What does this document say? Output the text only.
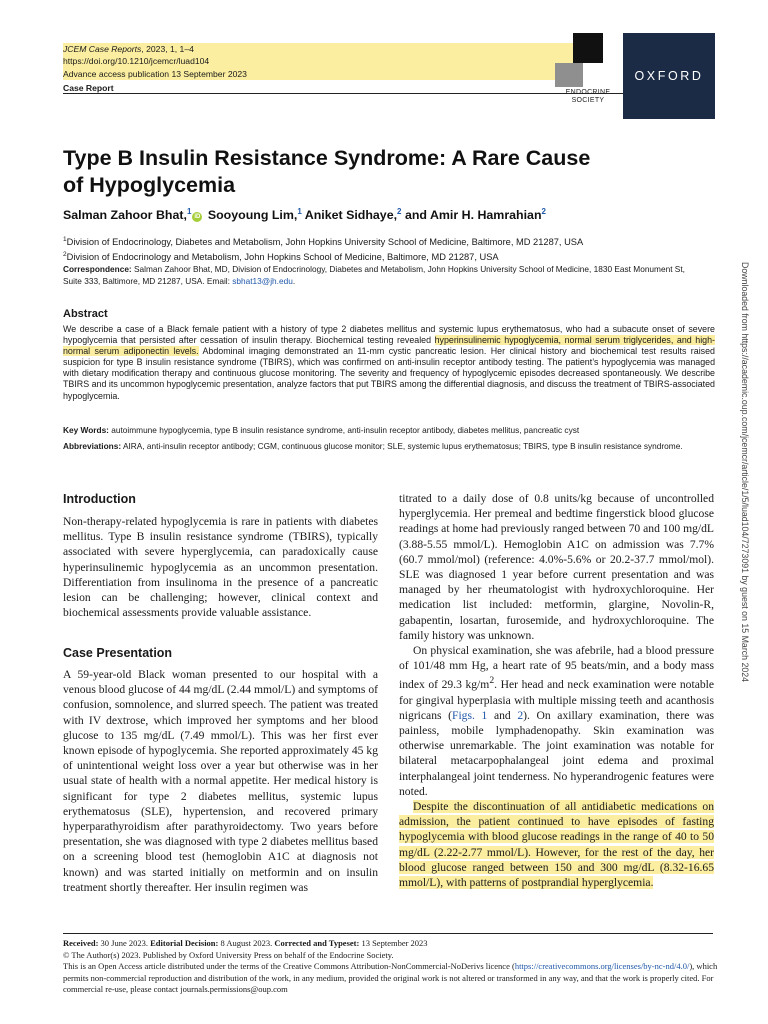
JCEM Case Reports, 2023, 1, 1–4
https://doi.org/10.1210/jcemcr/luad104
Advance access publication 13 September 2023
Case Report	ENDOCRINE SOCIETY
OXFORD
Type B Insulin Resistance Syndrome: A Rare Cause
of Hypoglycemia
Salman Zahoor Bhat,$^1$iD Sooyoung Lim,$^1$ Aniket Sidhaye,$^2$ and Amir H. Hamrahian$^2$
$^1$Division of Endocrinology, Diabetes and Metabolism, John Hopkins University School of Medicine, Baltimore, MD 21287, USA
$^2$Division of Endocrinology and Metabolism, John Hopkins School of Medicine, Baltimore, MD 21287, USA
Correspondence: Salman Zahoor Bhat, MD, Division of Endocrinology, Diabetes and Metabolism, John Hopkins University School of Medicine, 1830 East Monument St, Suite 333, Baltimore, MD 21287, USA. Email: sbhat13@jh.edu.
Abstract
We describe a case of a Black female patient with a history of type 2 diabetes mellitus and systemic lupus erythematosus, who had a subacute onset of severe hypoglycemia that persisted after cessation of insulin therapy. Biochemical testing revealed hyperinsulinemic hypoglycemia, normal serum triglycerides, and high-normal serum adiponectin levels. Abdominal imaging demonstrated an 11-mm cystic pancreatic lesion. Her clinical history and biochemical test results raised suspicion for type B insulin resistance syndrome (TBIRS), which was confirmed on anti-insulin receptor antibody testing. The patient’s hypoglycemia was managed with dietary modification therapy and continuous glucose monitoring. The severity and frequency of hypoglycemic episodes decreased spontaneously. We describe TBIRS and its uncommon hypoglycemic presentation, analyze factors that put TBIRS among the differential diagnosis, and discuss the treatment of TBIRS-associated hypoglycemia.
Key Words: autoimmune hypoglycemia, type B insulin resistance syndrome, anti-insulin receptor antibody, diabetes mellitus, pancreatic cyst
Abbreviations: AIRA, anti-insulin receptor antibody; CGM, continuous glucose monitor; SLE, systemic lupus erythematosus; TBIRS, type B insulin resistance syndrome.
Introduction

Non-therapy-related hypoglycemia is rare in patients with diabetes mellitus. Type B insulin resistance syndrome (TBIRS), typically associated with severe hyperglycemia, can paradoxically cause hyperinsulinemic hypoglycemia as an uncommon presentation. Differentiation from insulinoma in the presence of a pancreatic lesion can be challenging; however, clinical context and biochemical assessments provide valuable assistance.

Case Presentation

A 59-year-old Black woman presented to our hospital with a venous blood glucose of 44 mg/dL (2.44 mmol/L) and symptoms of confusion, somnolence, and slurred speech. The patient was treated with IV dextrose, which improved her symptoms and her blood glucose to 135 mg/dL (7.49 mmol/L). This was her first ever known episode of hypoglycemia. She reported approximately 45 kg of unintentional weight loss over a year but otherwise was in her usual state of health with a normal appetite. Her medical history is significant for type 2 diabetes mellitus, systemic lupus erythematosus (SLE), hypertension, and recovered primary hyperparathyroidism after parathyroidectomy. Two years before presentation, she was diagnosed with type 2 diabetes mellitus based on a screening blood test (hemoglobin A1C at diagnosis not known) and was started initially on metformin and on insulin treatment shortly thereafter. Her insulin regimen was

titrated to a daily dose of 0.8 units/kg because of uncontrolled hyperglycemia. Her premeal and bedtime fingerstick blood glucose readings at home had previously ranged between 70 and 100 mg/dL (3.88-5.55 mmol/L). Hemoglobin A1C on admission was 7.7% (60.7 mmol/mol) (reference: 4.0%-5.6% or 20.2-37.7 mmol/mol). SLE was diagnosed 1 year before current presentation and was managed by her rheumatologist with hydroxychloroquine. Her medication list included: metformin, glargine, Novolin-R, gabapentin, losartan, furosemide, and hydroxychloroquine. The family history was unknown.

On physical examination, she was afebrile, had a blood pressure of 101/48 mm Hg, a heart rate of 95 beats/min, and a body mass index of 29.3 $kg/m^2$. Her head and neck examination were notable for gingival hyperplasia with multiple missing teeth and acanthosis nigricans (Figs. 1 and 2). On axillary examination, there was painless, mobile lymphadenopathy. Skin examination was otherwise unremarkable. The joint examination was notable for bilateral metacarpophalangeal joint edema and proximal interphalangeal joint tenderness. No hyperandrogenic features were noted.

Despite the discontinuation of all antidiabetic medications on admission, the patient continued to have episodes of fasting hypoglycemia with blood glucose readings in the range of 40 to 50 mg/dL (2.22-2.77 mmol/L). However, for the rest of the day, her blood glucose ranged between 150 and 300 mg/dL (8.32-16.65 mmol/L), with patterns of postprandial hyperglycemia.

Downloaded from https://academic.oup.com/jcemcr/article/1/5/luad104/7273091 by guest on 15 March 2024
Received: 30 June 2023. Editorial Decision: 8 August 2023. Corrected and Typeset: 13 September 2023
© The Author(s) 2023. Published by Oxford University Press on behalf of the Endocrine Society.
This is an Open Access article distributed under the terms of the Creative Commons Attribution-NonCommercial-NoDerivs licence (https://creativecommons.org/licenses/by-nc-nd/4.0/), which permits non-commercial reproduction and distribution of the work, in any medium, provided the original work is not altered or transformed in any way, and that the work is properly cited. For commercial re-use, please contact journals.permissions@oup.com
